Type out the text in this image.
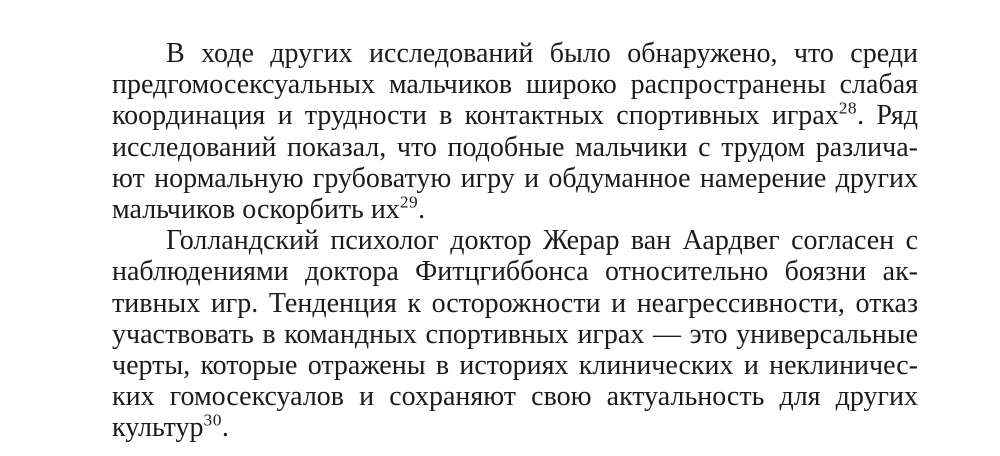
В ходе других исследований было обнаружено, что среди
предгомосексуальных мальчиков широко распространены слабая
координация и трудности в контактных спортивных играх$^{28}$. Ряд
исследований показал, что подобные мальчики с трудом различа-
ют нормальную грубоватую игру и обдуманное намерение других
мальчиков оскорбить их$^{29}$.
Голландский психолог доктор Жерар ван Аардвег согласен с
наблюдениями доктора Фитцгиббонса относительно боязни ак-
тивных игр. Тенденция к осторожности и неагрессивности, отказ
участвовать в командных спортивных играх — это универсальные
черты, которые отражены в историях клинических и неклиничес-
ких гомосексуалов и сохраняют свою актуальность для других
культур$^{30}$.
